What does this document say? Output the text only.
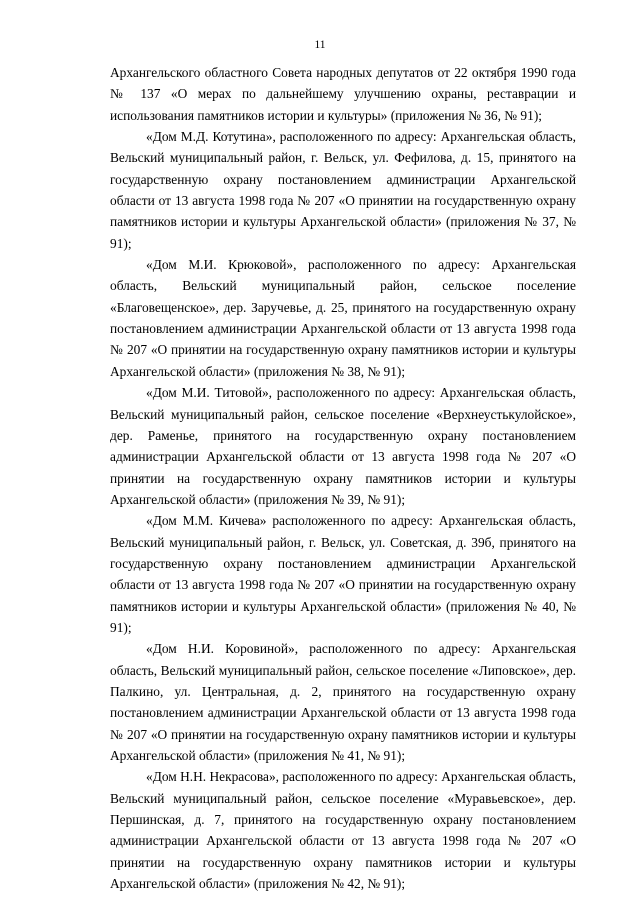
11

Архангельского областного Совета народных депутатов от 22 октября 1990 года № 137 «О мерах по дальнейшему улучшению охраны, реставрации и использования памятников истории и культуры» (приложения № 36, № 91);

«Дом М.Д. Котутина», расположенного по адресу: Архангельская область, Вельский муниципальный район, г. Вельск, ул. Фефилова, д. 15, принятого на государственную охрану постановлением администрации Архангельской области от 13 августа 1998 года № 207 «О принятии на государственную охрану памятников истории и культуры Архангельской области» (приложения № 37, № 91);

«Дом М.И. Крюковой», расположенного по адресу: Архангельская область, Вельский муниципальный район, сельское поселение «Благовещенское», дер. Заручевье, д. 25, принятого на государственную охрану постановлением администрации Архангельской области от 13 августа 1998 года № 207 «О принятии на государственную охрану памятников истории и культуры Архангельской области» (приложения № 38, № 91);

«Дом М.И. Титовой», расположенного по адресу: Архангельская область, Вельский муниципальный район, сельское поселение «Верхнеустькулойское», дер. Раменье, принятого на государственную охрану постановлением администрации Архангельской области от 13 августа 1998 года № 207 «О принятии на государственную охрану памятников истории и культуры Архангельской области» (приложения № 39, № 91);

«Дом М.М. Кичева» расположенного по адресу: Архангельская область, Вельский муниципальный район, г. Вельск, ул. Советская, д. 39б, принятого на государственную охрану постановлением администрации Архангельской области от 13 августа 1998 года № 207 «О принятии на государственную охрану памятников истории и культуры Архангельской области» (приложения № 40, № 91);

«Дом Н.И. Коровиной», расположенного по адресу: Архангельская область, Вельский муниципальный район, сельское поселение «Липовское», дер. Палкино, ул. Центральная, д. 2, принятого на государственную охрану постановлением администрации Архангельской области от 13 августа 1998 года № 207 «О принятии на государственную охрану памятников истории и культуры Архангельской области» (приложения № 41, № 91);

«Дом Н.Н. Некрасова», расположенного по адресу: Архангельская область, Вельский муниципальный район, сельское поселение «Муравьевское», дер. Першинская, д. 7, принятого на государственную охрану постановлением администрации Архангельской области от 13 августа 1998 года № 207 «О принятии на государственную охрану памятников истории и культуры Архангельской области» (приложения № 42, № 91);
